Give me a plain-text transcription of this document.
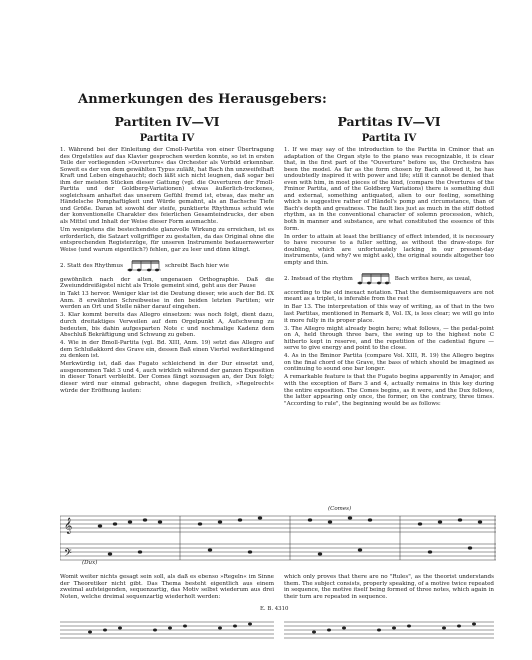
Anmerkungen des Herausgebers:
Partiten IV—VI
Partita IV

1. Während bei der Einleitung der Cmoll-Partita von einer Übertragung des Orgelstiles auf das Klavier gesprochen werden konnte, so ist in ersten Teile der vorliegenden »Ouverture« das Orchester als Vorbild erkennbar. Soweit es der von dem gewählten Typus zuläßt, hat Bach ihn unzweifelhaft Kraft und Leben eingehaucht; doch läßt sich nicht leugnen, daß sogar bei ihm der meisten Stücken dieser Gattung (vgl. die Ouverturen der Fmoll-Partita und der Goldberg-Variationen) etwas äußerlich-trockenes, sogleichsam anhaftet das unserem Gefühl fremd ist, etwas, das mehr an Händelsche Pomphaftigkeit und Würde gemahnt, als an Bachsche Tiefe und Größe. Daran ist sowohl der steife, punktierte Rhythmus schuld wie der konventionelle Charakter des feierlichen Gesamteindrucks, der eben als Mittel und Inhalt der Weise dieser Form ausmachte.

Um wenigstens die bestechendste glanzvolle Wirkung zu erreichen, ist es erforderlich, die Satzart vollgriffiger zu gestalten, da das Original ohne die entsprechenden Registerzüge, für unseren Instrumente bedauernswerter Weise (und warum eigentlich?) fehlen, gar zu leer und dünn klingt.

2. Statt des Rhythmus	schreibt Bach hier wie

gewöhnlich nach der alten, ungenauen Orthographie. Daß die Zweiunddreißigstel nicht als Triole gemeint sind, geht aus der Pause

in Takt 13 hervor. Weniger klar ist die Deutung dieser, wie auch der Bd. IX Anm. 8 erwähnten Schreibweise in den beiden letzten Partiten; wir werden an Ort und Stelle näher darauf eingehen.

3. Klar kommt bereits das Allegro einsetzen: was noch folgt, dient dazu, durch dreitaktiges Verweilen auf dem Orgelpunkt A, Aufschwung zu bedeuten, bis dahin aufgesparten Note c und nochmalige Kadenz dem Abschluß Bekräftigung und Schwung zu geben.

4. Wie in der Bmoll-Partita (vgl. Bd. XIII, Anm. 19) setzt das Allegro auf dem Schlußakkord des Grave ein, dessen Baß einen Viertel weiterklingend zu denken ist.

Merkwürdig ist, daß das Fugato schleichend in der Dur einsetzt und, ausgenommen Takt 3 und 4, auch wirklich während der ganzen Exposition in dieser Tonart verbleibt. Der Comes fängt sozusagen an, der Dux folgt; dieser wird nur einmal gebracht, ohne dagegen freilich, »Regelrecht« würde der Eröffnung lauten:

Partitas IV—VI
Partita IV

1. If we may say of the introduction to the Partita in Cminor that an adaptation of the Organ style to the piano was recognizable, it is clear that, in the first part of the "Ouverture" before us, the Orchestra has been the model. As far as the form chosen by Bach allowed it, he has undoubtedly inspired it with power and life; still it cannot be denied that even with him, in most pieces of the kind, (compare the Overtures of the Fminor Partita, and of the Goldberg Variations) there is something dull and external, something antiquated, alien to our feeling, something which is suggestive rather of Händel's pomp and circumstance, than of Bach's depth and greatness. The fault lies just as much in the stiff dotted rhythm, as in the conventional character of solemn procession, which, both in manner and substance, are what constituted the essence of this form.

In order to attain at least the brilliancy of effect intended, it is necessary to have recourse to a fuller setting, as without the draw-stops for doubling, which are unfortunately lacking in our present-day instruments, (and why? we might ask), the original sounds altogether too empty and thin.

2. Instead of the rhythm	Bach writes here, as usual,

according to the old inexact notation. That the demisemiquavers are not meant as a triplet, is inferable from the rest

in Bar 13. The interpretation of this way of writing, as of that in the two last Partitas, mentioned in Remark 8, Vol. IX, is less clear; we will go into it more fully in its proper place.

3. The Allegro might already begin here; what follows, — the pedal-point on A, held through three bars, the swing up to the highest note C hitherto kept in reserve, and the repetition of the cadential figure — serve to give energy and point to the close.

4. As in the Bminor Partita (compare Vol. XIII, R. 19) the Allegro begins on the final chord of the Grave, the bass of which should be imagined as continuing to sound one bar longer.

A remarkable feature is that the Fugato begins apparently in Amajor, and with the exception of Bars 3 and 4, actually remains in this key during the entire exposition. The Comes begins, as it were, and the Dux follows, the latter appearing only once, the former, on the contrary, three times. "According to rule", the beginning would be as follows:

𝄞
𝄢
(Comes)
(Dux)
Womit weiter nichts gesagt sein soll, als daß es ebenso »Regeln« im Sinne der Theoretiker nicht gibt. Das Thema besteht eigentlich aus einem zweimal aufsteigenden, sequenzartig, das Motiv selbst wiederum aus drei Noten, welche dreimal sequenzartig wiederholt werden:
which only proves that there are no "Rules", as the theorist understands them. The subject consists, properly speaking, of a motive twice repeated in sequence, the motive itself being formed of three notes, which again in their turn are repeated in sequence.
E. B. 4310
